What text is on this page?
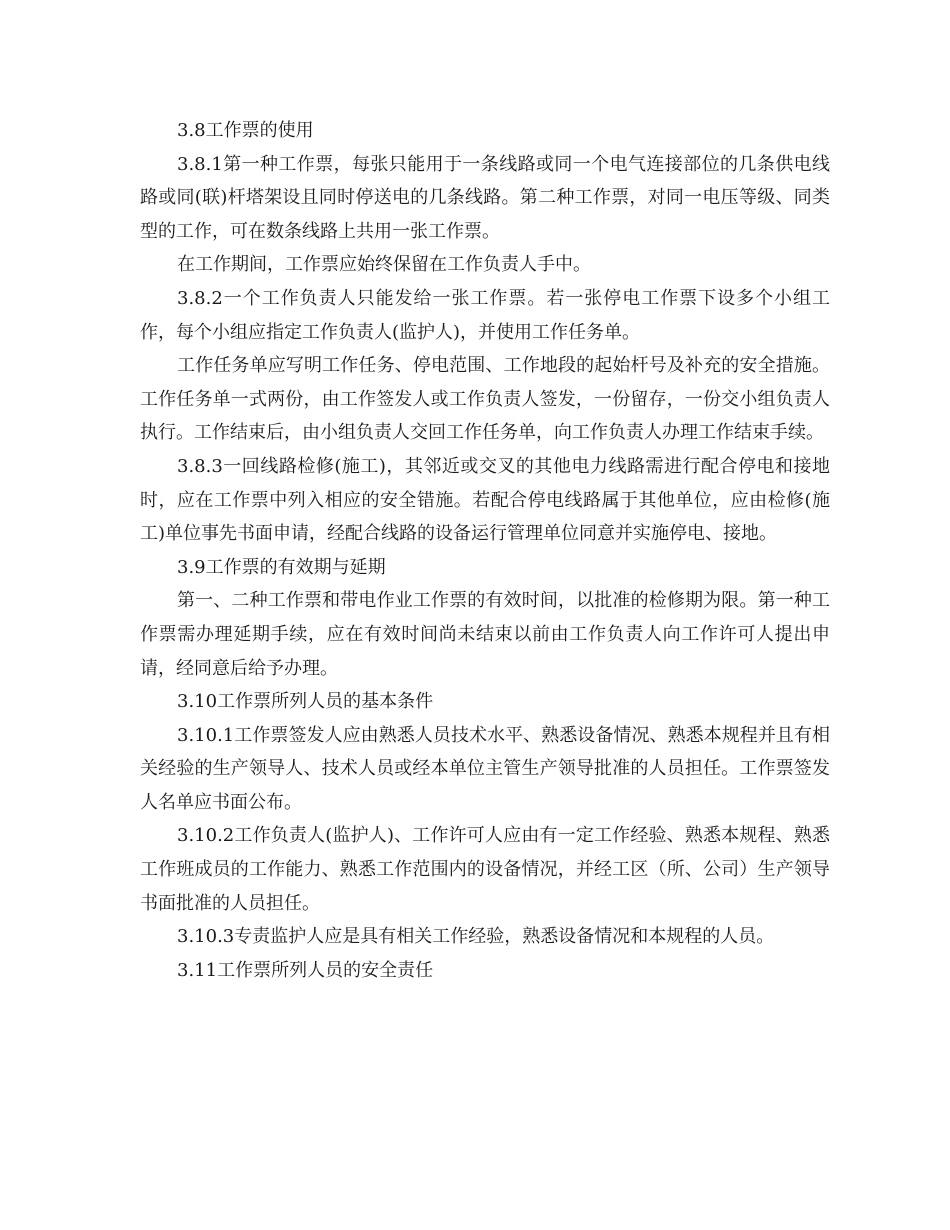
3.8工作票的使用

3.8.1第一种工作票，每张只能用于一条线路或同一个电气连接部位的几条供电线路或同(联)杆塔架设且同时停送电的几条线路。第二种工作票，对同一电压等级、同类型的工作，可在数条线路上共用一张工作票。

在工作期间，工作票应始终保留在工作负责人手中。

3.8.2一个工作负责人只能发给一张工作票。若一张停电工作票下设多个小组工作，每个小组应指定工作负责人(监护人)，并使用工作任务单。

工作任务单应写明工作任务、停电范围、工作地段的起始杆号及补充的安全措施。工作任务单一式两份，由工作签发人或工作负责人签发，一份留存，一份交小组负责人执行。工作结束后，由小组负责人交回工作任务单，向工作负责人办理工作结束手续。

3.8.3一回线路检修(施工)，其邻近或交叉的其他电力线路需进行配合停电和接地时，应在工作票中列入相应的安全错施。若配合停电线路属于其他单位，应由检修(施工)单位事先书面申请，经配合线路的设备运行管理单位同意并实施停电、接地。

3.9工作票的有效期与延期

第一、二种工作票和带电作业工作票的有效时间，以批准的检修期为限。第一种工作票需办理延期手续，应在有效时间尚未结束以前由工作负责人向工作许可人提出申请，经同意后给予办理。

3.10工作票所列人员的基本条件

3.10.1工作票签发人应由熟悉人员技术水平、熟悉设备情况、熟悉本规程并且有相关经验的生产领导人、技术人员或经本单位主管生产领导批准的人员担任。工作票签发人名单应书面公布。

3.10.2工作负责人(监护人)、工作许可人应由有一定工作经验、熟悉本规程、熟悉工作班成员的工作能力、熟悉工作范围内的设备情况，并经工区（所、公司）生产领导书面批准的人员担任。

3.10.3专责监护人应是具有相关工作经验，熟悉设备情况和本规程的人员。

3.11工作票所列人员的安全责任
